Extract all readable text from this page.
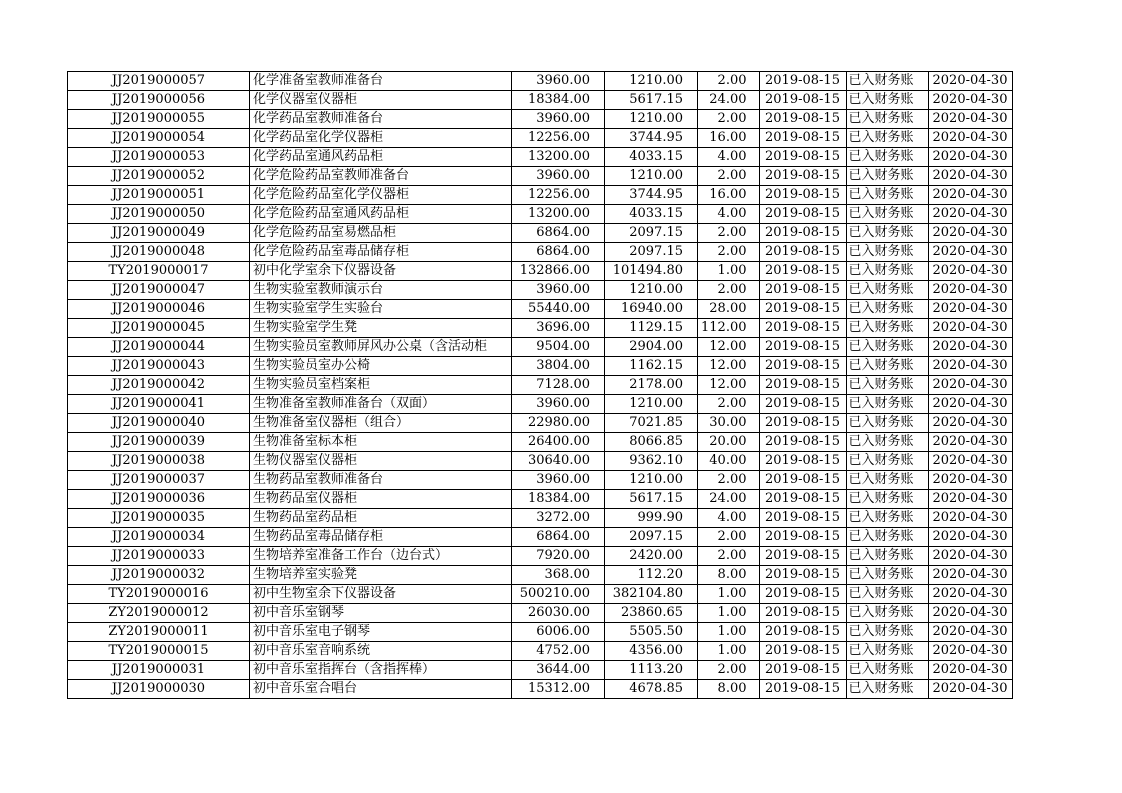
JJ2019000057	化学准备室教师准备台	3960.00	1210.00	2.00	2019-08-15	已入财务账	2020-04-30
JJ2019000056	化学仪器室仪器柜	18384.00	5617.15	24.00	2019-08-15	已入财务账	2020-04-30
JJ2019000055	化学药品室教师准备台	3960.00	1210.00	2.00	2019-08-15	已入财务账	2020-04-30
JJ2019000054	化学药品室化学仪器柜	12256.00	3744.95	16.00	2019-08-15	已入财务账	2020-04-30
JJ2019000053	化学药品室通风药品柜	13200.00	4033.15	4.00	2019-08-15	已入财务账	2020-04-30
JJ2019000052	化学危险药品室教师准备台	3960.00	1210.00	2.00	2019-08-15	已入财务账	2020-04-30
JJ2019000051	化学危险药品室化学仪器柜	12256.00	3744.95	16.00	2019-08-15	已入财务账	2020-04-30
JJ2019000050	化学危险药品室通风药品柜	13200.00	4033.15	4.00	2019-08-15	已入财务账	2020-04-30
JJ2019000049	化学危险药品室易燃品柜	6864.00	2097.15	2.00	2019-08-15	已入财务账	2020-04-30
JJ2019000048	化学危险药品室毒品储存柜	6864.00	2097.15	2.00	2019-08-15	已入财务账	2020-04-30
TY2019000017	初中化学室余下仪器设备	132866.00	101494.80	1.00	2019-08-15	已入财务账	2020-04-30
JJ2019000047	生物实验室教师演示台	3960.00	1210.00	2.00	2019-08-15	已入财务账	2020-04-30
JJ2019000046	生物实验室学生实验台	55440.00	16940.00	28.00	2019-08-15	已入财务账	2020-04-30
JJ2019000045	生物实验室学生凳	3696.00	1129.15	112.00	2019-08-15	已入财务账	2020-04-30
JJ2019000044	生物实验员室教师屏风办公桌（含活动柜	9504.00	2904.00	12.00	2019-08-15	已入财务账	2020-04-30
JJ2019000043	生物实验员室办公椅	3804.00	1162.15	12.00	2019-08-15	已入财务账	2020-04-30
JJ2019000042	生物实验员室档案柜	7128.00	2178.00	12.00	2019-08-15	已入财务账	2020-04-30
JJ2019000041	生物准备室教师准备台（双面）	3960.00	1210.00	2.00	2019-08-15	已入财务账	2020-04-30
JJ2019000040	生物准备室仪器柜（组合）	22980.00	7021.85	30.00	2019-08-15	已入财务账	2020-04-30
JJ2019000039	生物准备室标本柜	26400.00	8066.85	20.00	2019-08-15	已入财务账	2020-04-30
JJ2019000038	生物仪器室仪器柜	30640.00	9362.10	40.00	2019-08-15	已入财务账	2020-04-30
JJ2019000037	生物药品室教师准备台	3960.00	1210.00	2.00	2019-08-15	已入财务账	2020-04-30
JJ2019000036	生物药品室仪器柜	18384.00	5617.15	24.00	2019-08-15	已入财务账	2020-04-30
JJ2019000035	生物药品室药品柜	3272.00	999.90	4.00	2019-08-15	已入财务账	2020-04-30
JJ2019000034	生物药品室毒品储存柜	6864.00	2097.15	2.00	2019-08-15	已入财务账	2020-04-30
JJ2019000033	生物培养室准备工作台（边台式）	7920.00	2420.00	2.00	2019-08-15	已入财务账	2020-04-30
JJ2019000032	生物培养室实验凳	368.00	112.20	8.00	2019-08-15	已入财务账	2020-04-30
TY2019000016	初中生物室余下仪器设备	500210.00	382104.80	1.00	2019-08-15	已入财务账	2020-04-30
ZY2019000012	初中音乐室钢琴	26030.00	23860.65	1.00	2019-08-15	已入财务账	2020-04-30
ZY2019000011	初中音乐室电子钢琴	6006.00	5505.50	1.00	2019-08-15	已入财务账	2020-04-30
TY2019000015	初中音乐室音响系统	4752.00	4356.00	1.00	2019-08-15	已入财务账	2020-04-30
JJ2019000031	初中音乐室指挥台（含指挥棒）	3644.00	1113.20	2.00	2019-08-15	已入财务账	2020-04-30
JJ2019000030	初中音乐室合唱台	15312.00	4678.85	8.00	2019-08-15	已入财务账	2020-04-30
